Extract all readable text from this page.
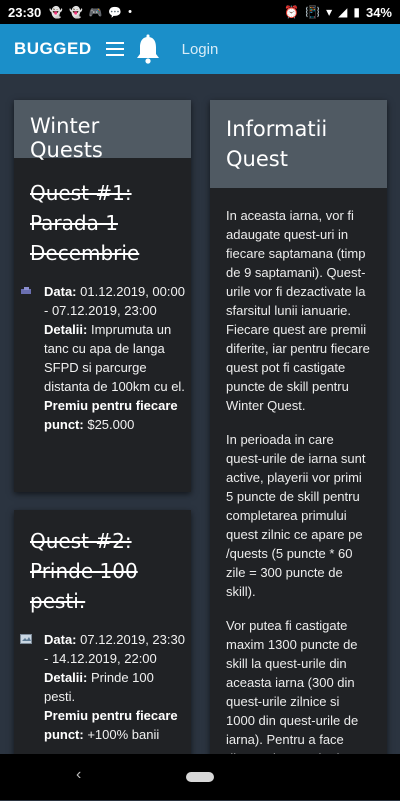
23:30 👻 👻 🎮 💬 •	⏰ 📳 ▾ ◢ ▮ 34%
BUGGED	Login
Winter Quests
Quest #1: Parada 1 Decembrie
Data: 01.12.2019, 00:00 - 07.12.2019, 23:00
Detalii: Imprumuta un tanc cu apa de langa SFPD si parcurge distanta de 100km cu el.
Premiu pentru fiecare punct: $25.000
Quest #2: Prinde 100 pesti.
Data: 07.12.2019, 23:30 - 14.12.2019, 22:00
Detalii: Prinde 100 pesti.
Premiu pentru fiecare punct: +100% banii
Informatii Quest

In aceasta iarna, vor fi adaugate quest-uri in fiecare saptamana (timp de 9 saptamani). Quest-urile vor fi dezactivate la sfarsitul lunii ianuarie. Fiecare quest are premii diferite, iar pentru fiecare quest pot fi castigate puncte de skill pentru Winter Quest.

In perioada in care quest-urile de iarna sunt active, playerii vor primi 5 puncte de skill pentru completarea primului quest zilnic ce apare pe /quests (5 puncte * 60 zile = 300 puncte de skill).

Vor putea fi castigate maxim 1300 puncte de skill la quest-urile din aceasta iarna (300 din quest-urile zilnice si 1000 din quest-urile de iarna). Pentru a face

‹
